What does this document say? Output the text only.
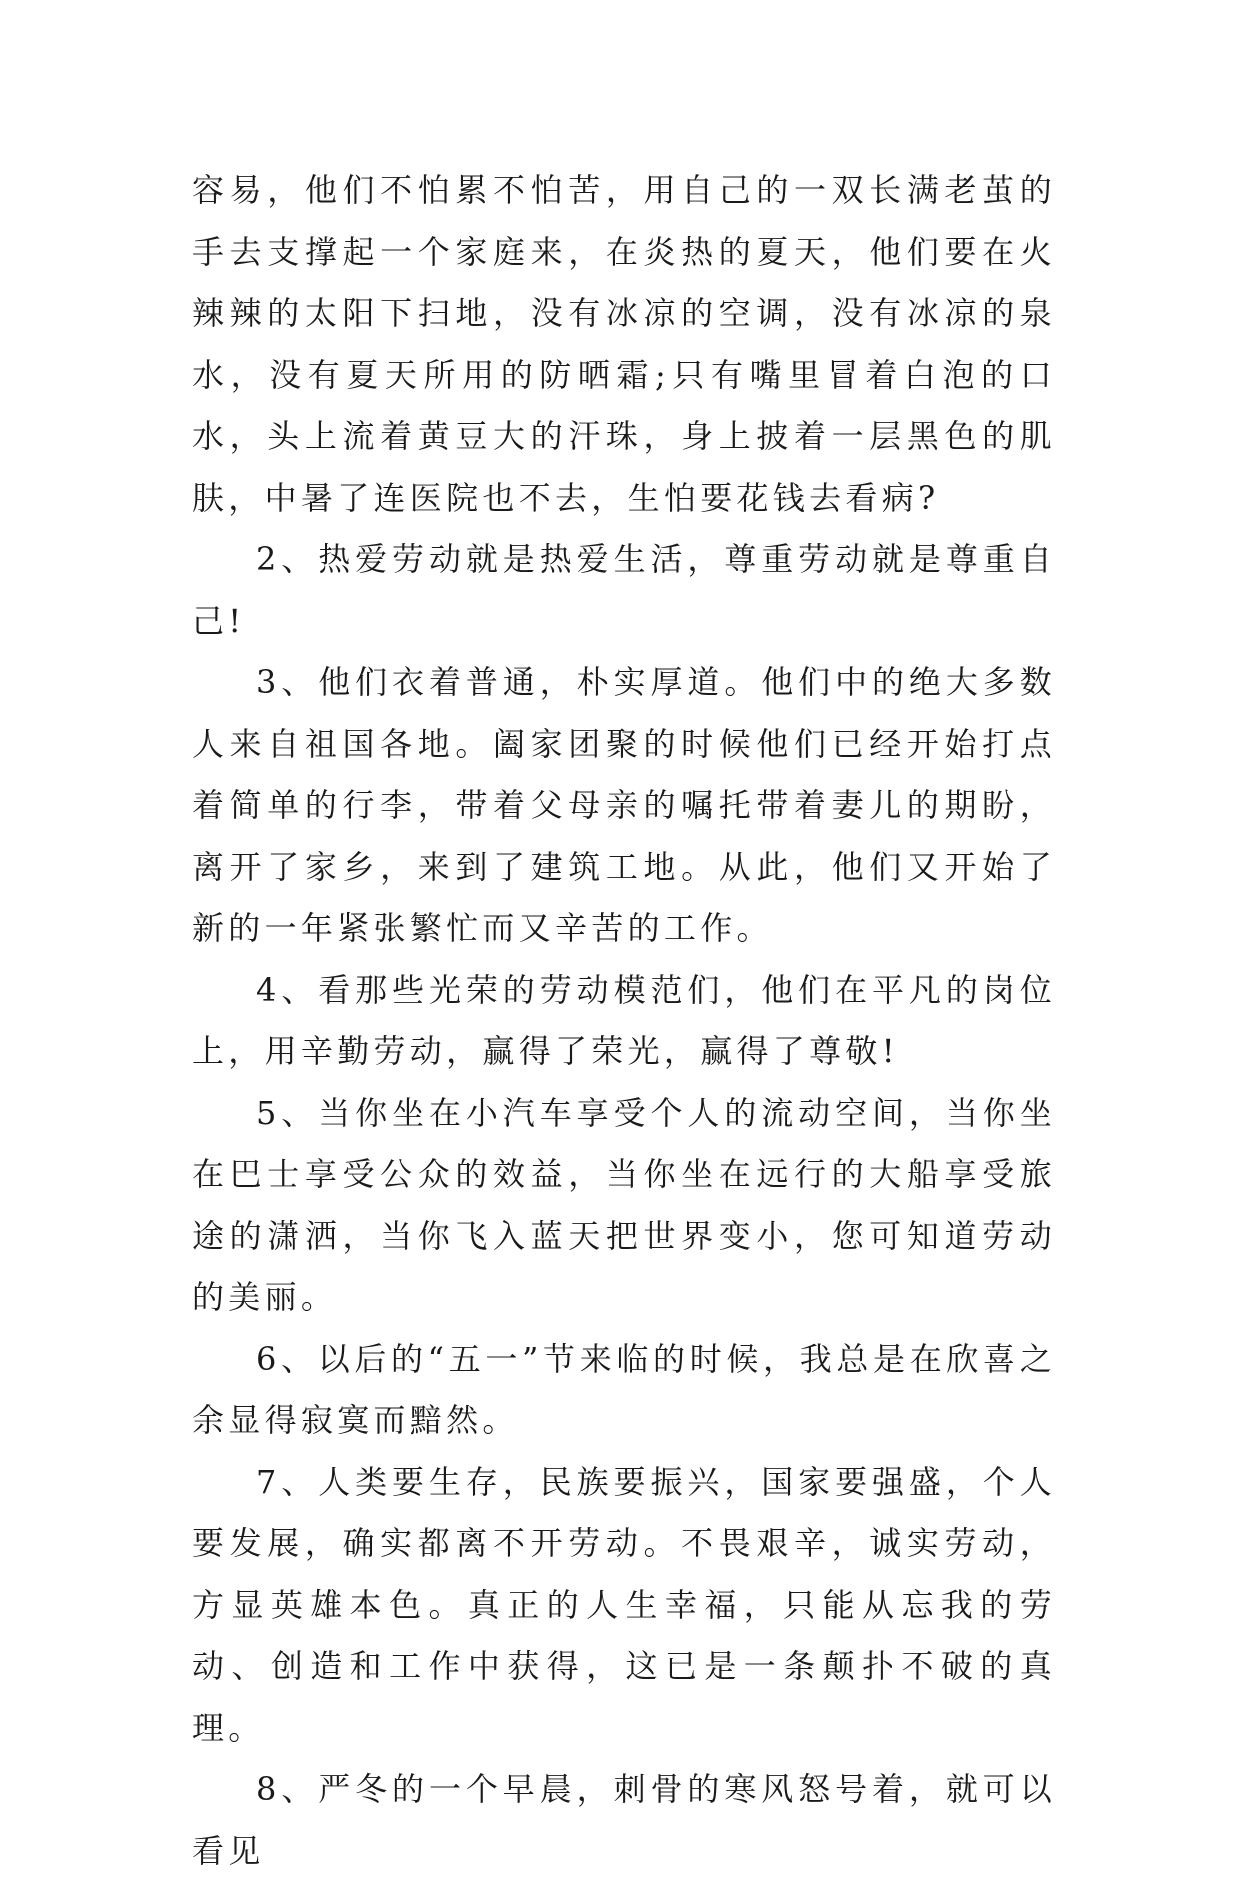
容易，他们不怕累不怕苦，用自己的一双长满老茧的手去支撑起一个家庭来，在炎热的夏天，他们要在火辣辣的太阳下扫地，没有冰凉的空调，没有冰凉的泉水，没有夏天所用的防晒霜;只有嘴里冒着白泡的口水，头上流着黄豆大的汗珠，身上披着一层黑色的肌肤，中暑了连医院也不去，生怕要花钱去看病?

2、热爱劳动就是热爱生活，尊重劳动就是尊重自己!

3、他们衣着普通，朴实厚道。他们中的绝大多数人来自祖国各地。阖家团聚的时候他们已经开始打点着简单的行李，带着父母亲的嘱托带着妻儿的期盼，离开了家乡，来到了建筑工地。从此，他们又开始了新的一年紧张繁忙而又辛苦的工作。

4、看那些光荣的劳动模范们，他们在平凡的岗位上，用辛勤劳动，赢得了荣光，赢得了尊敬!

5、当你坐在小汽车享受个人的流动空间，当你坐在巴士享受公众的效益，当你坐在远行的大船享受旅途的潇洒，当你飞入蓝天把世界变小，您可知道劳动的美丽。

6、以后的“五一”节来临的时候，我总是在欣喜之余显得寂寞而黯然。

7、人类要生存，民族要振兴，国家要强盛，个人要发展，确实都离不开劳动。不畏艰辛，诚实劳动，方显英雄本色。真正的人生幸福，只能从忘我的劳动、创造和工作中获得，这已是一条颠扑不破的真理。

8、严冬的一个早晨，刺骨的寒风怒号着，就可以看见
